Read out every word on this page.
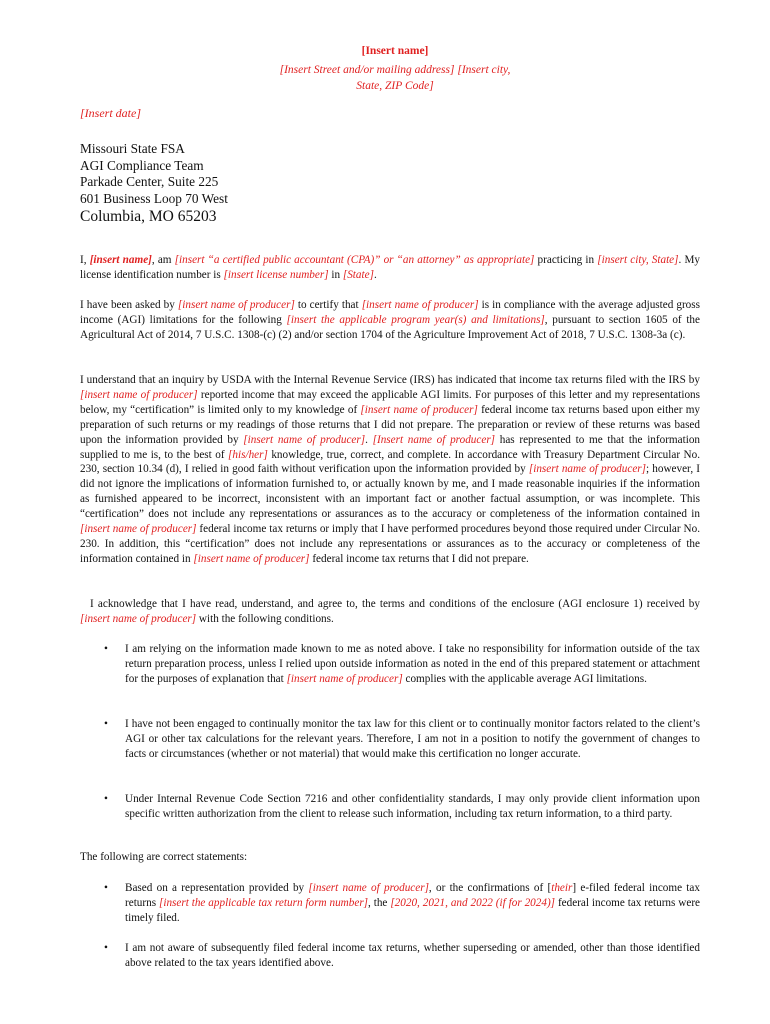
[Insert name]
[Insert Street and/or mailing address] [Insert city,
State, ZIP Code]
[Insert date]
Missouri State FSA
AGI Compliance Team
Parkade Center, Suite 225
601 Business Loop 70 West
Columbia, MO 65203
I, [insert name], am [insert “a certified public accountant (CPA)” or “an attorney” as appropriate] practicing in [insert city, State]. My license identification number is [insert license number] in [State].
I have been asked by [insert name of producer] to certify that [insert name of producer] is in compliance with the average adjusted gross income (AGI) limitations for the following [insert the applicable program year(s) and limitations], pursuant to section 1605 of the Agricultural Act of 2014, 7 U.S.C. 1308-(c) (2) and/or section 1704 of the Agriculture Improvement Act of 2018, 7 U.S.C. 1308-3a (c).
I understand that an inquiry by USDA with the Internal Revenue Service (IRS) has indicated that income tax returns filed with the IRS by [insert name of producer] reported income that may exceed the applicable AGI limits. For purposes of this letter and my representations below, my “certification” is limited only to my knowledge of [insert name of producer] federal income tax returns based upon either my preparation of such returns or my readings of those returns that I did not prepare. The preparation or review of these returns was based upon the information provided by [insert name of producer]. [Insert name of producer] has represented to me that the information supplied to me is, to the best of [his/her] knowledge, true, correct, and complete. In accordance with Treasury Department Circular No. 230, section 10.34 (d), I relied in good faith without verification upon the information provided by [insert name of producer]; however, I did not ignore the implications of information furnished to, or actually known by me, and I made reasonable inquiries if the information as furnished appeared to be incorrect, inconsistent with an important fact or another factual assumption, or was incomplete. This “certification” does not include any representations or assurances as to the accuracy or completeness of the information contained in [insert name of producer] federal income tax returns or imply that I have performed procedures beyond those required under Circular No. 230. In addition, this “certification” does not include any representations or assurances as to the accuracy or completeness of the information contained in [insert name of producer] federal income tax returns that I did not prepare.
I acknowledge that I have read, understand, and agree to, the terms and conditions of the enclosure (AGI enclosure 1) received by [insert name of producer] with the following conditions.
• I am relying on the information made known to me as noted above. I take no responsibility for information outside of the tax return preparation process, unless I relied upon outside information as noted in the end of this prepared statement or attachment for the purposes of explanation that [insert name of producer] complies with the applicable average AGI limitations.
• I have not been engaged to continually monitor the tax law for this client or to continually monitor factors related to the client’s AGI or other tax calculations for the relevant years. Therefore, I am not in a position to notify the government of changes to facts or circumstances (whether or not material) that would make this certification no longer accurate.
• Under Internal Revenue Code Section 7216 and other confidentiality standards, I may only provide client information upon specific written authorization from the client to release such information, including tax return information, to a third party.
The following are correct statements:
• Based on a representation provided by [insert name of producer], or the confirmations of [their] e-filed federal income tax returns [insert the applicable tax return form number], the [2020, 2021, and 2022 (if for 2024)] federal income tax returns were timely filed.
• I am not aware of subsequently filed federal income tax returns, whether superseding or amended, other than those identified above related to the tax years identified above.
